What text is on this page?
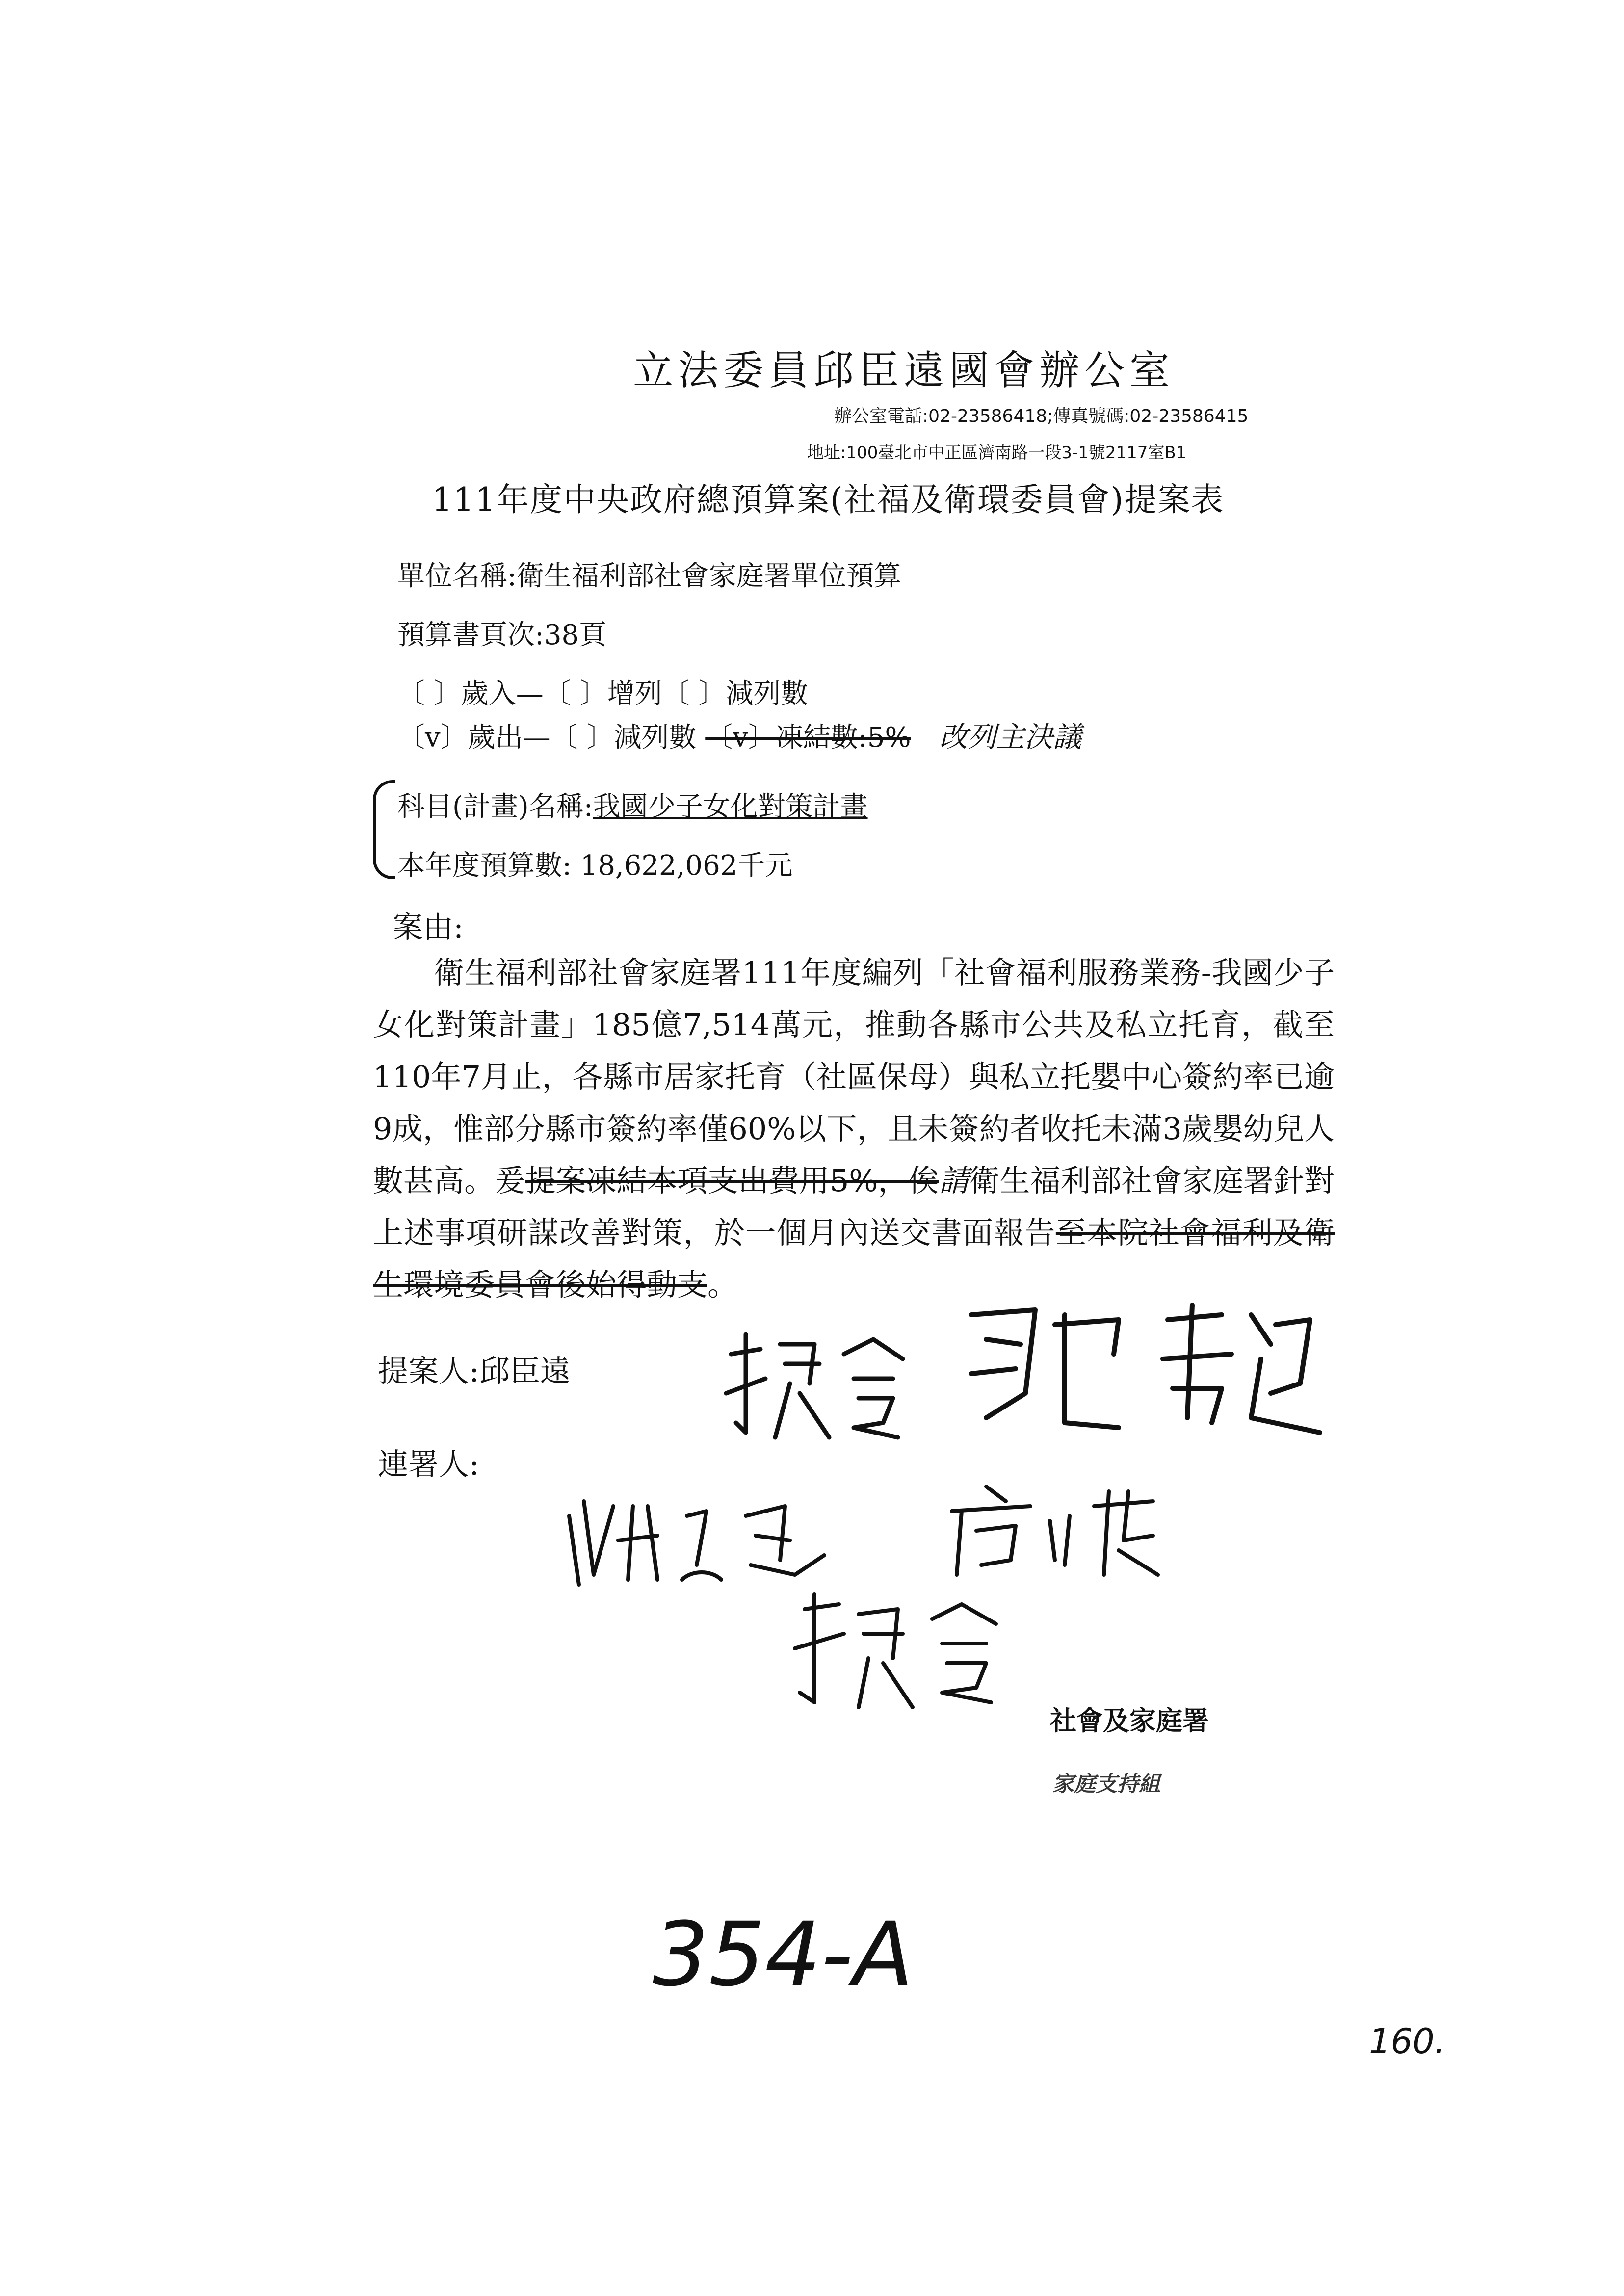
立法委員邱臣遠國會辦公室
辦公室電話:02-23586418;傳真號碼:02-23586415
地址:100臺北市中正區濟南路一段3-1號2117室B1
111年度中央政府總預算案(社福及衛環委員會)提案表
單位名稱:衛生福利部社會家庭署單位預算
預算書頁次:38頁
〔 〕歲入—〔 〕增列〔 〕減列數
〔v〕歲出—〔 〕減列數 〔v〕凍結數:5% 改列主決議
科目(計畫)名稱:我國少子女化對策計畫
本年度預算數: 18,622,062千元
案由:
衛生福利部社會家庭署111年度編列「社會福利服務業務-我國少子女化對策計畫」185億7,514萬元，推動各縣市公共及私立托育，截至110年7月止，各縣市居家托育（社區保母）與私立托嬰中心簽約率已逾9成，惟部分縣市簽約率僅60%以下，且未簽約者收托未滿3歲嬰幼兒人數甚高。爰提案凍結本項支出費用5%，俟請衛生福利部社會家庭署針對上述事項研謀改善對策，於一個月內送交書面報告至本院社會福利及衛生環境委員會後始得動支。
提案人:邱臣遠
連署人:
社會及家庭署
家庭支持組
354-A
160.
